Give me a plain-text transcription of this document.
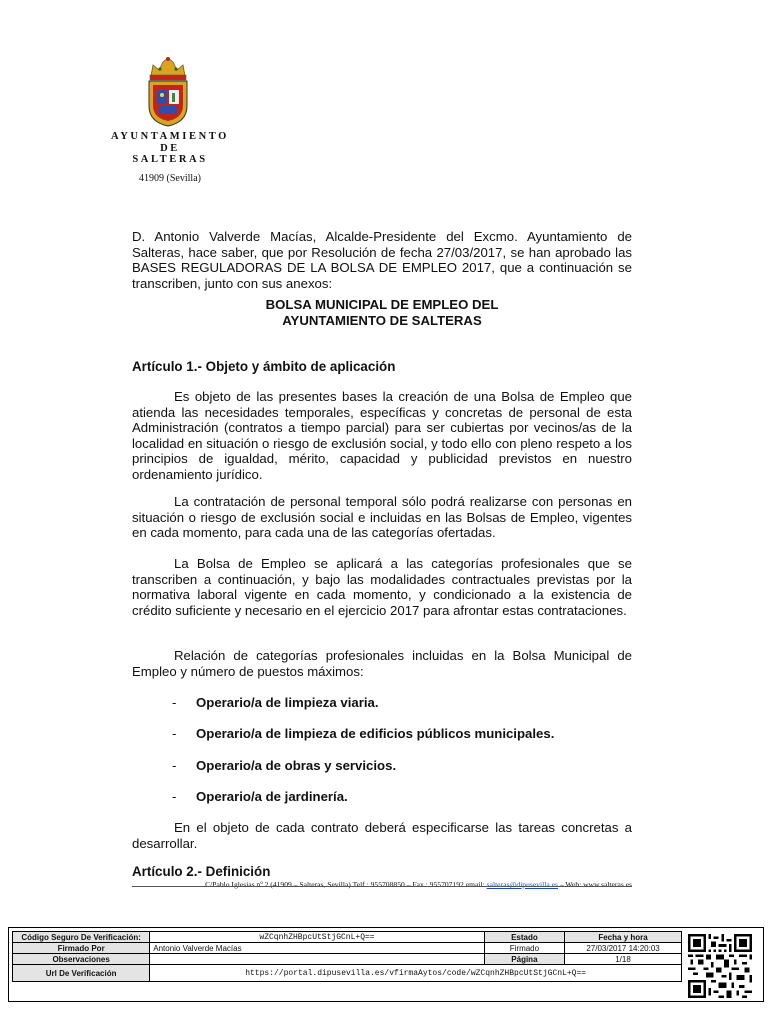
AYUNTAMIENTO
DE
SALTERAS
41909 (Sevilla)
D. Antonio Valverde Macías, Alcalde-Presidente del Excmo. Ayuntamiento de Salteras, hace saber, que por Resolución de fecha 27/03/2017, se han aprobado las BASES REGULADORAS DE LA BOLSA DE EMPLEO 2017, que a continuación se transcriben, junto con sus anexos:
BOLSA MUNICIPAL DE EMPLEO DEL
AYUNTAMIENTO DE SALTERAS
Artículo 1.- Objeto y ámbito de aplicación
Es objeto de las presentes bases la creación de una Bolsa de Empleo que atienda las necesidades temporales, específicas y concretas de personal de esta Administración (contratos a tiempo parcial) para ser cubiertas por vecinos/as de la localidad en situación o riesgo de exclusión social, y todo ello con pleno respeto a los principios de igualdad, mérito, capacidad y publicidad previstos en nuestro ordenamiento jurídico.
La contratación de personal temporal sólo podrá realizarse con personas en situación o riesgo de exclusión social e incluidas en las Bolsas de Empleo, vigentes en cada momento, para cada una de las categorías ofertadas.
La Bolsa de Empleo se aplicará a las categorías profesionales que se transcriben a continuación, y bajo las modalidades contractuales previstas por la normativa laboral vigente en cada momento, y condicionado a la existencia de crédito suficiente y necesario en el ejercicio 2017 para afrontar estas contrataciones.
Relación de categorías profesionales incluidas en la Bolsa Municipal de Empleo y número de puestos máximos:
- Operario/a de limpieza viaria.
- Operario/a de limpieza de edificios públicos municipales.
- Operario/a de obras y servicios.
- Operario/a de jardinería.
En el objeto de cada contrato deberá especificarse las tareas concretas a desarrollar.
Artículo 2.- Definición
C/Pablo Iglesias nº 2 (41909 – Salteras, Sevilla) Telf.: 955708850 – Fax.: 955707192 email: salteras@dipusevilla.es – Web: www.salteras.es
Código Seguro De Verificación:	wZCqnhZHBpcUtStjGCnL+Q==	Estado	Fecha y hora
Firmado Por	Antonio Valverde Macías	Firmado	27/03/2017 14:20:03
Observaciones		Página	1/18
Url De Verificación	https://portal.dipusevilla.es/vfirmaAytos/code/wZCqnhZHBpcUtStjGCnL+Q==		
